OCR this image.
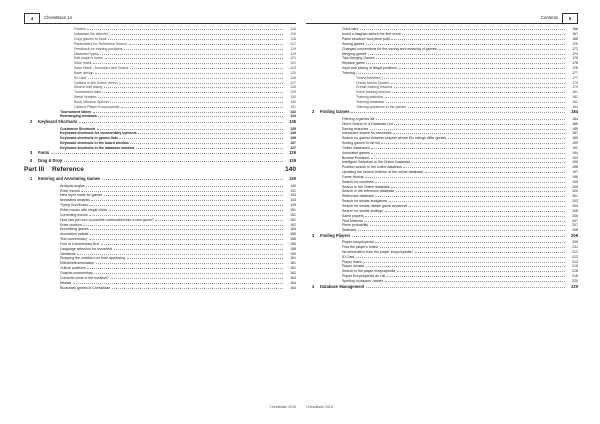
4	ChessBase 14
Folders	116
Database file selector	116
Copy games to book	116
Parameters for Reference Search	117
Feedback for training positions	119
Database types	119
Edit player's name	121
Save mask	121
Save Mask - Annotator and Teams	123
Base design	124
ID Card	126
Options in the button ribbon	127
Source edit dialog	128
Tournament data	129
Serial Number	130
Book Window Options	130
Options Player Encyclopedia	131
Tournament tables	132
Rearranging windows	134
2	Keyboard Shortcuts	135
Customize Shortcuts	135
Keyboard shortcuts for commentary symbols	136
Keyboard shortcuts in games lists	136
Keyboard shortcuts in the board window	137
Keyboard shortcuts in the database window	137
3	Fonts	139
4	Drag & Drop	139
Part III	Reference	140
1	Entering and Annotating Games	140
Analysis engine	140
Enter moves	141
New input mode for games	143
Annotated analysis	143
Trying Out Moves	149
Enter moves with single clicks	151
Correcting moves	151
How can you turn a possible continuation into a new game?	152
Enter position	152
Annotating games	154
Annotation palette	155
Text commentary	156
Font in Commentary Box	158
Language selection for move/text	158
Variations	159
Stopping the notation box from appearing	161
Edit/delete/annotation	161
Critical positions	161
Graphic commentary	162
Coloured circle in the notation?	163
Medals	164
Bookmark games in ChessBase	164
ChessBase 2016
5
Contents
Color bars	166
Insert a diagram before the first move	167
Pawn structure and piece path	168
Saving games	170
Changed conventions for the saving and replacing of games!	172
Merging games	174
Tips Merging Games	175
Replace game	176
Input and saving of illegal positions	176
Training	177
Timed Activities	177
Chess Media System	179
Create training lessons	179
Solve training lessons	181
Training statistics	182
Training database	182
Training questions in the games	183
2	Finding Games	184
Filtering a games list	184
Direct Search in a Database List	185
Saving searches	185
Interactive search for structures	187
Search for games between players whose Elo ratings differ greatly	189
Sorting games in the list	190
Online databases	192
Annotated games	194
Browse Positions	194
Intelligent Searches in the Online Database	195
Position search in the online database	196
Updating the search criterion of the online database	197
Game History	198
Search for countries	199
Search in the Online database	200
Search in the reference database	200
Reference database	201
Search for similar endgames	203
Search for similar middle game structures	204
Search for similar endings	205
Same players	206
Find Material	207
Piece probability	207
Statistics	208
3	Finding Players	209
Player encyclopedia	209
Find the player's online	211
No information from the player encyclopedia?	212
ID Card	213
Player index	213
Player dossier	215
Search in the player encyclopedia	216
Player Encyclopedia as List	218
Spelling of players' names	220
4	Database Management	220
ChessBase 2016
